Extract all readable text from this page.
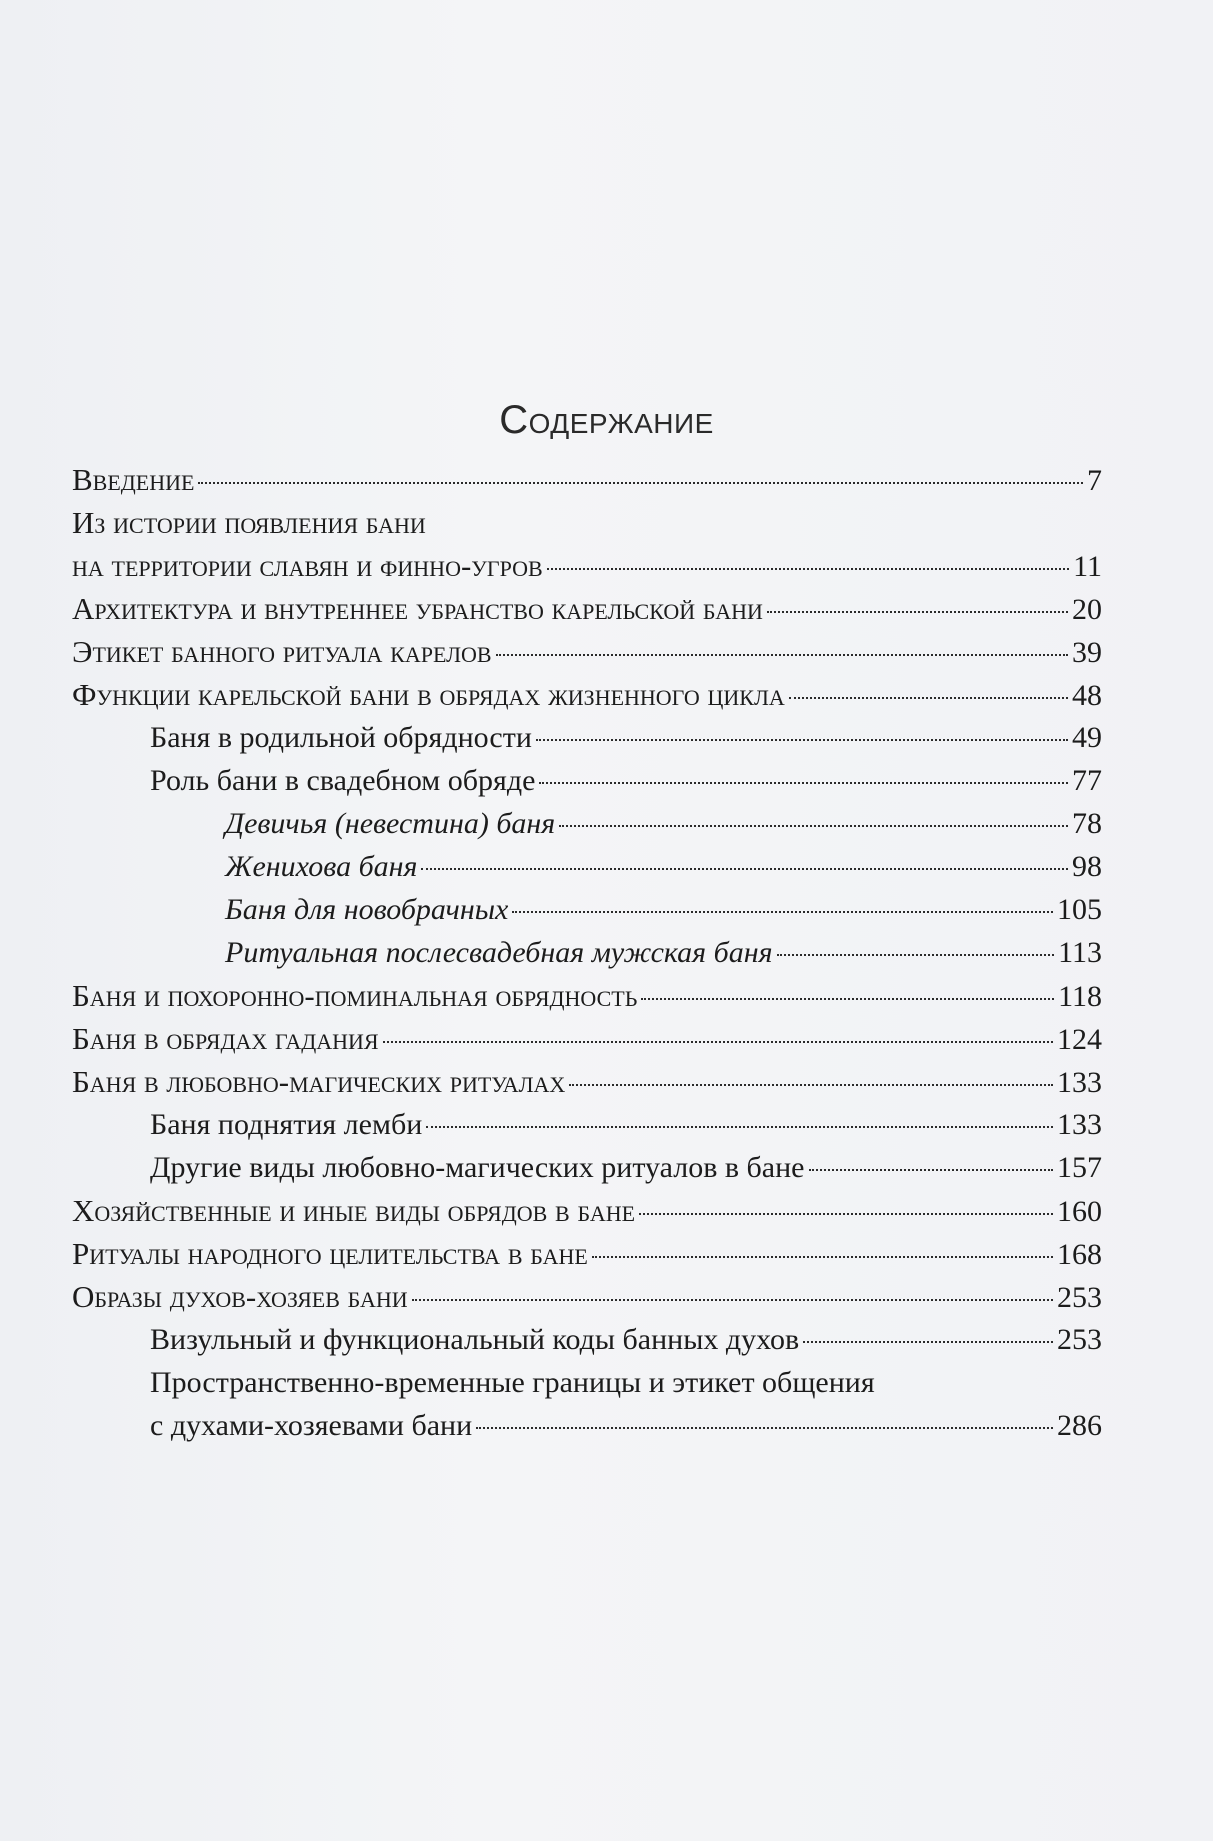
Содержание
Введение	7
Из истории появления бани
на территории славян и финно-угров	11
Архитектура и внутреннее убранство карельской бани	20
Этикет банного ритуала карелов	39
Функции карельской бани в обрядах жизненного цикла	48
Баня в родильной обрядности	49
Роль бани в свадебном обряде	77
Девичья (невестина) баня	78
Женихова баня	98
Баня для новобрачных	105
Ритуальная послесвадебная мужская баня	113
Баня и похоронно-поминальная обрядность	118
Баня в обрядах гадания	124
Баня в любовно-магических ритуалах	133
Баня поднятия лемби	133
Другие виды любовно-магических ритуалов в бане	157
Хозяйственные и иные виды обрядов в бане	160
Ритуалы народного целительства в бане	168
Образы духов-хозяев бани	253
Визульный и функциональный коды банных духов	253
Пространственно-временные границы и этикет общения
с духами-хозяевами бани	286
